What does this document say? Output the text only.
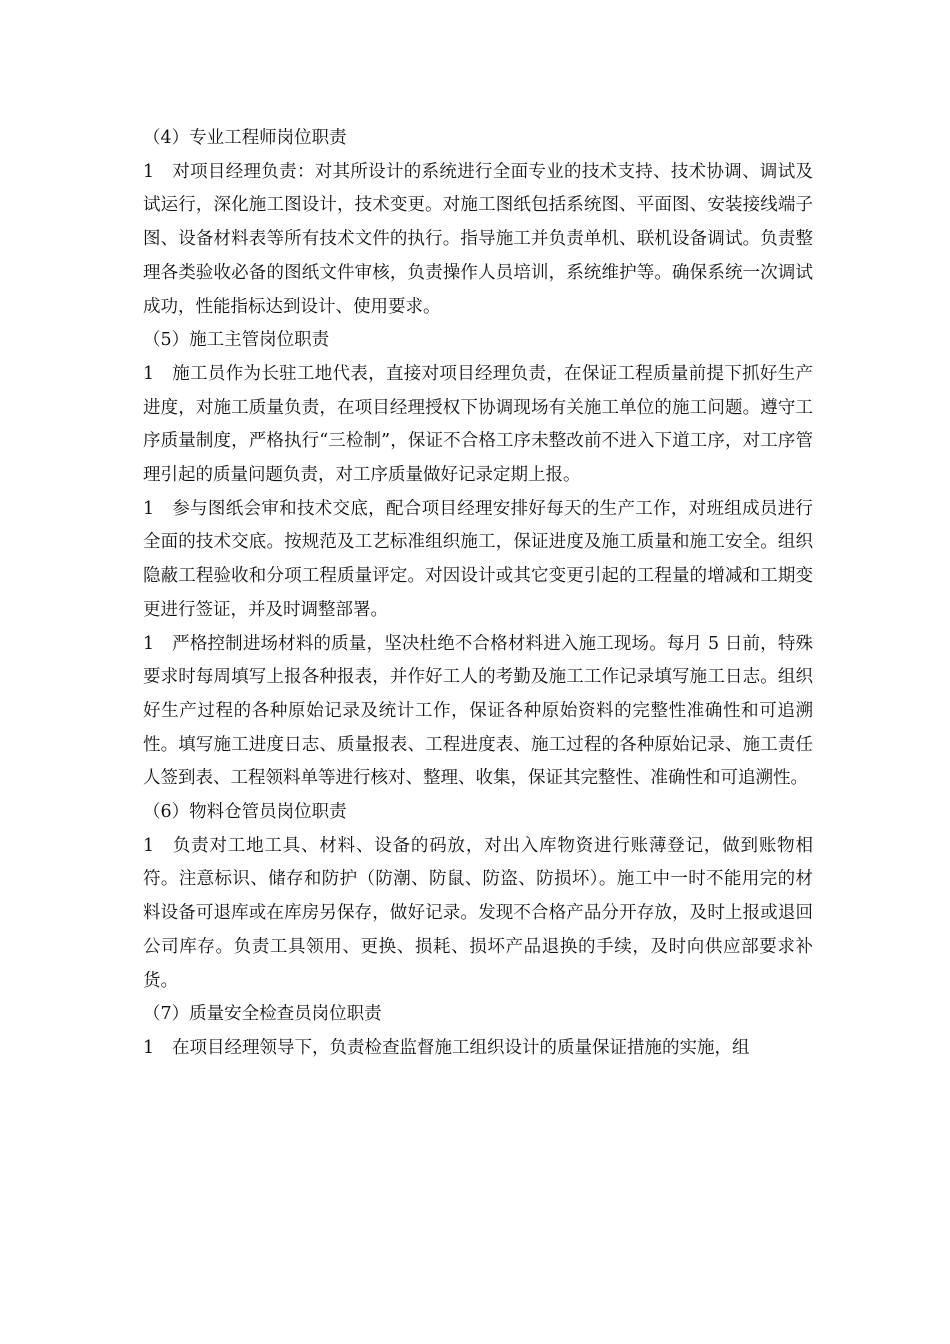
（4）专业工程师岗位职责

1 对项目经理负责：对其所设计的系统进行全面专业的技术支持、技术协调、调试及试运行，深化施工图设计，技术变更。对施工图纸包括系统图、平面图、安装接线端子图、设备材料表等所有技术文件的执行。指导施工并负责单机、联机设备调试。负责整理各类验收必备的图纸文件审核，负责操作人员培训，系统维护等。确保系统一次调试成功，性能指标达到设计、使用要求。

（5）施工主管岗位职责

1 施工员作为长驻工地代表，直接对项目经理负责，在保证工程质量前提下抓好生产进度，对施工质量负责，在项目经理授权下协调现场有关施工单位的施工问题。遵守工序质量制度，严格执行“三检制”，保证不合格工序未整改前不进入下道工序，对工序管理引起的质量问题负责，对工序质量做好记录定期上报。

1 参与图纸会审和技术交底，配合项目经理安排好每天的生产工作，对班组成员进行全面的技术交底。按规范及工艺标准组织施工，保证进度及施工质量和施工安全。组织隐蔽工程验收和分项工程质量评定。对因设计或其它变更引起的工程量的增减和工期变更进行签证，并及时调整部署。

1 严格控制进场材料的质量，坚决杜绝不合格材料进入施工现场。每月 5 日前，特殊要求时每周填写上报各种报表，并作好工人的考勤及施工工作记录填写施工日志。组织好生产过程的各种原始记录及统计工作，保证各种原始资料的完整性准确性和可追溯性。填写施工进度日志、质量报表、工程进度表、施工过程的各种原始记录、施工责任人签到表、工程领料单等进行核对、整理、收集，保证其完整性、准确性和可追溯性。

（6）物料仓管员岗位职责

1 负责对工地工具、材料、设备的码放，对出入库物资进行账薄登记，做到账物相符。注意标识、储存和防护（防潮、防鼠、防盗、防损坏）。施工中一时不能用完的材料设备可退库或在库房另保存，做好记录。发现不合格产品分开存放，及时上报或退回公司库存。负责工具领用、更换、损耗、损坏产品退换的手续，及时向供应部要求补货。

（7）质量安全检查员岗位职责

1 在项目经理领导下，负责检查监督施工组织设计的质量保证措施的实施，组
